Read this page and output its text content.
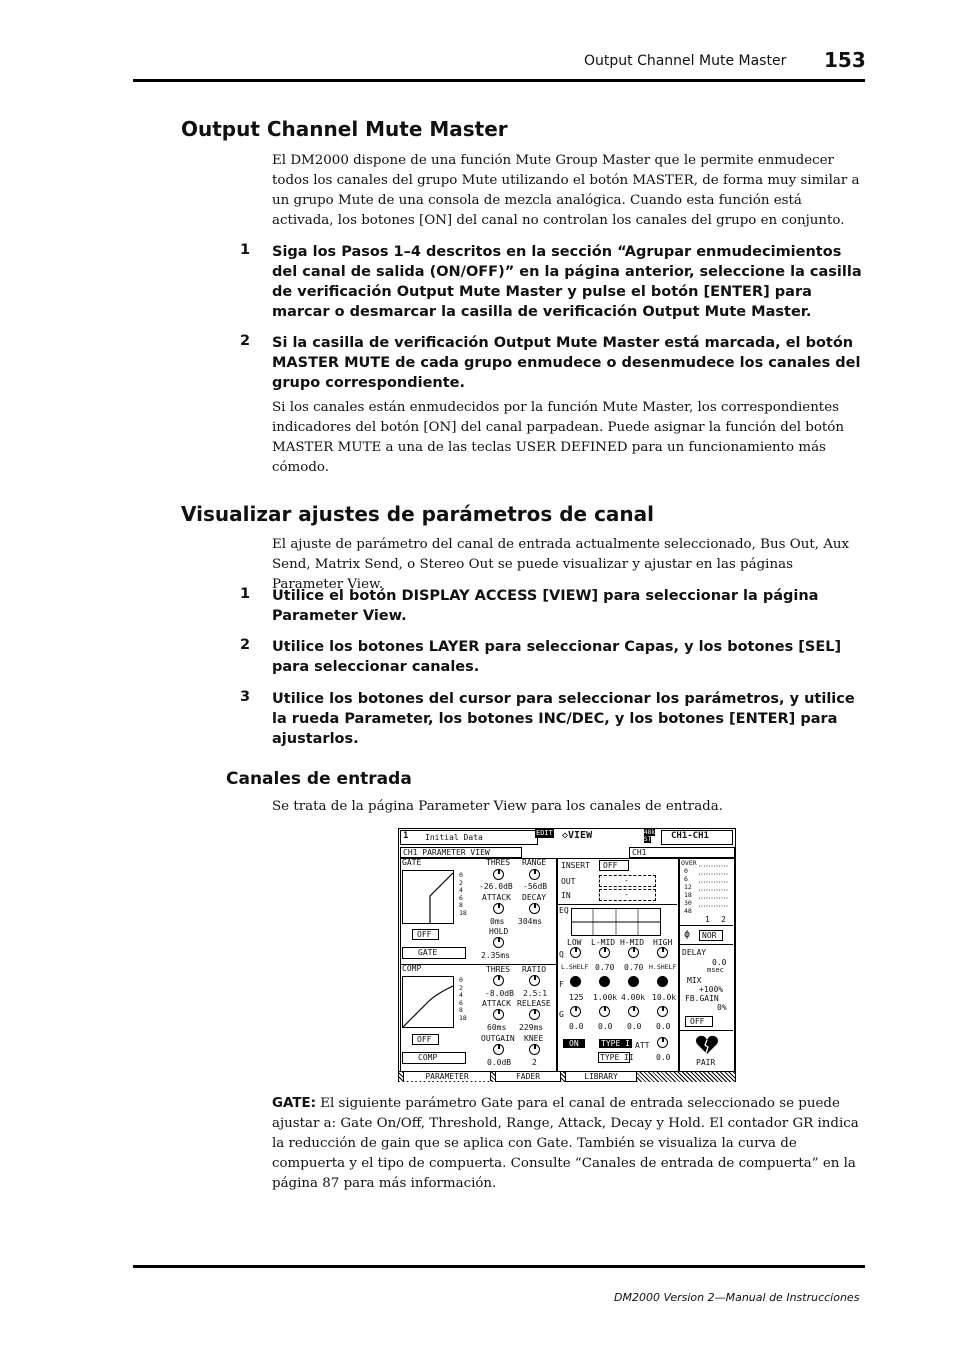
Output Channel Mute Master 153
Output Channel Mute Master
El DM2000 dispone de una función Mute Group Master que le permite enmudecer todos los canales del grupo Mute utilizando el botón MASTER, de forma muy similar a un grupo Mute de una consola de mezcla analógica. Cuando esta función está activada, los botones [ON] del canal no controlan los canales del grupo en conjunto.
1 Siga los Pasos 1–4 descritos en la sección “Agrupar enmudecimientos del canal de salida (ON/OFF)” en la página anterior, seleccione la casilla de verificación Output Mute Master y pulse el botón [ENTER] para marcar o desmarcar la casilla de verificación Output Mute Master.
2 Si la casilla de verificación Output Mute Master está marcada, el botón MASTER MUTE de cada grupo enmudece o desenmudece los canales del grupo correspondiente.
Si los canales están enmudecidos por la función Mute Master, los correspondientes indicadores del botón [ON] del canal parpadean. Puede asignar la función del botón MASTER MUTE a una de las teclas USER DEFINED para un funcionamiento más cómodo.
Visualizar ajustes de parámetros de canal
El ajuste de parámetro del canal de entrada actualmente seleccionado, Bus Out, Aux Send, Matrix Send, o Stereo Out se puede visualizar y ajustar en las páginas Parameter View.
1 Utilice el botón DISPLAY ACCESS [VIEW] para seleccionar la página Parameter View.
2 Utilice los botones LAYER para seleccionar Capas, y los botones [SEL] para seleccionar canales.
3 Utilice los botones del cursor para seleccionar los parámetros, y utilice la rueda Parameter, los botones INC/DEC, y los botones [ENTER] para ajustarlos.
Canales de entrada
Se trata de la página Parameter View para los canales de entrada.
1 Initial Data	EDIT ◇VIEW	48k
ST CH1-CH1
CH1 PARAMETER VIEW	CH1
GATE
0
2
4
6
8
18
THRES RANGE
-26.0dB -56dB
ATTACK DECAY
0ms 304ms
HOLD
2.35ms
OFF
GATE
COMP
0
2
4
6
8
18
THRES RATIO
-8.0dB 2.5:1
ATTACK RELEASE
60ms 229ms
OUTGAIN KNEE
0.0dB	2
OFF
COMP
INSERT OFF
OUT	-
IN	-
EQ
LOW L-MID H-MID HIGH
Q
L.SHELF 0.70 0.70 H.SHELF
F
125 1.00k 4.00k 10.0k
G
0.0 0.0 0.0 0.0
ON	TYPE I
TYPE II
ATT
0.0
OVER
0
6
12
18
30
48
1 2
ϕ NOR
DELAY
0.0
msec
MIX
+100%
FB.GAIN
0%
OFF
PAIR
PARAMETER	FADER	LIBRARY
GATE: El siguiente parámetro Gate para el canal de entrada seleccionado se puede ajustar a: Gate On/Off, Threshold, Range, Attack, Decay y Hold. El contador GR indica la reducción de gain que se aplica con Gate. También se visualiza la curva de compuerta y el tipo de compuerta. Consulte “Canales de entrada de compuerta” en la página 87 para más información.
DM2000 Version 2—Manual de Instrucciones
